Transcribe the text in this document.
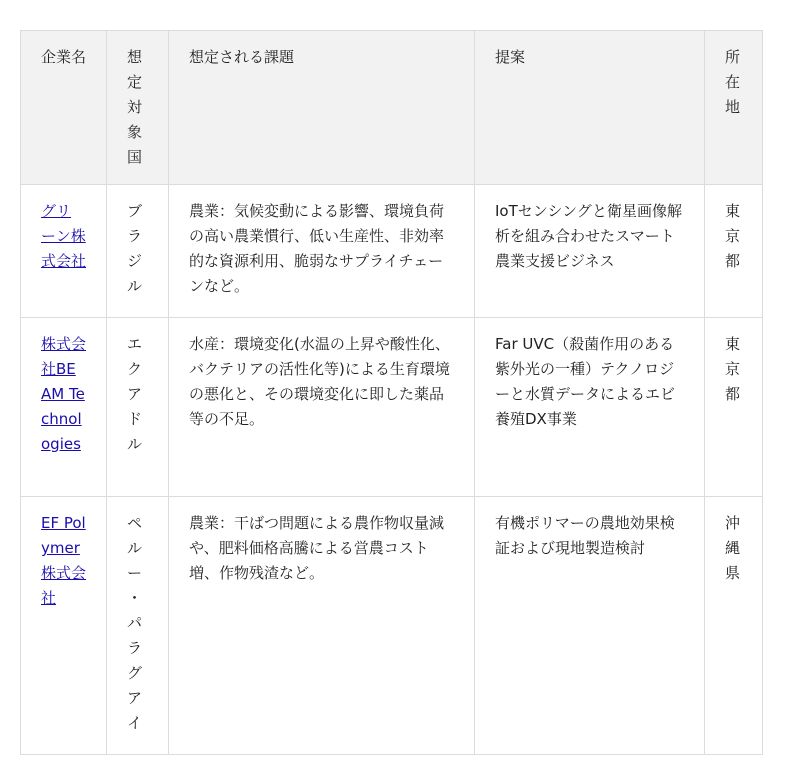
企業名	想定対象国	想定される課題	提案	所在地
グリーン株式会社	ブラジル	農業：気候変動による影響、環境負荷の高い農業慣行、低い生産性、非効率的な資源利用、脆弱なサプライチェーンなど。	IoTセンシングと衛星画像解析を組み合わせたスマート農業支援ビジネス	東京都
株式会社BEAM Technologies	エクアドル	水産：環境変化(水温の上昇や酸性化、バクテリアの活性化等)による生育環境の悪化と、その環境変化に即した薬品等の不足。	Far UVC（殺菌作用のある紫外光の一種）テクノロジーと水質データによるエビ養殖DX事業	東京都
EF Polymer株式会社	ペルー・パラグアイ	農業：干ばつ問題による農作物収量減や、肥料価格高騰による営農コスト増、作物残渣など。	有機ポリマーの農地効果検証および現地製造検討	沖縄県
